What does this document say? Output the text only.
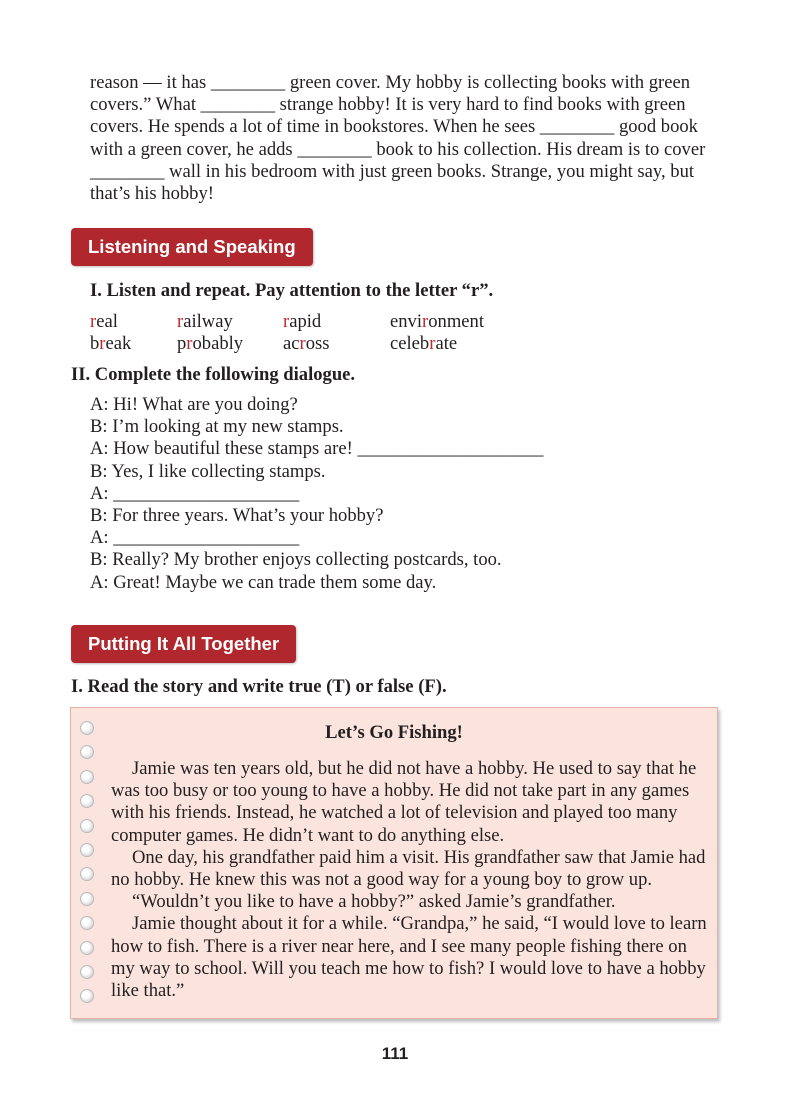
reason — it has ________ green cover. My hobby is collecting books with green covers.” What ________ strange hobby! It is very hard to find books with green covers. He spends a lot of time in bookstores. When he sees ________ good book with a green cover, he adds ________ book to his collection. His dream is to cover ________ wall in his bedroom with just green books. Strange, you might say, but that’s his hobby!
Listening and Speaking
I. Listen and repeat. Pay attention to the letter “r”.
real	railway	rapid	environment
break	probably	across	celebrate
II. Complete the following dialogue.
A: Hi! What are you doing?
B: I’m looking at my new stamps.
A: How beautiful these stamps are! ____________________
B: Yes, I like collecting stamps.
A: ____________________
B: For three years. What’s your hobby?
A: ____________________
B: Really? My brother enjoys collecting postcards, too.
A: Great! Maybe we can trade them some day.
Putting It All Together
I. Read the story and write true (T) or false (F).
Let’s Go Fishing!

Jamie was ten years old, but he did not have a hobby. He used to say that he was too busy or too young to have a hobby. He did not take part in any games with his friends. Instead, he watched a lot of television and played too many computer games. He didn’t want to do anything else.

One day, his grandfather paid him a visit. His grandfather saw that Jamie had no hobby. He knew this was not a good way for a young boy to grow up.

“Wouldn’t you like to have a hobby?” asked Jamie’s grandfather.

Jamie thought about it for a while. “Grandpa,” he said, “I would love to learn how to fish. There is a river near here, and I see many people fishing there on my way to school. Will you teach me how to fish? I would love to have a hobby like that.”

111
